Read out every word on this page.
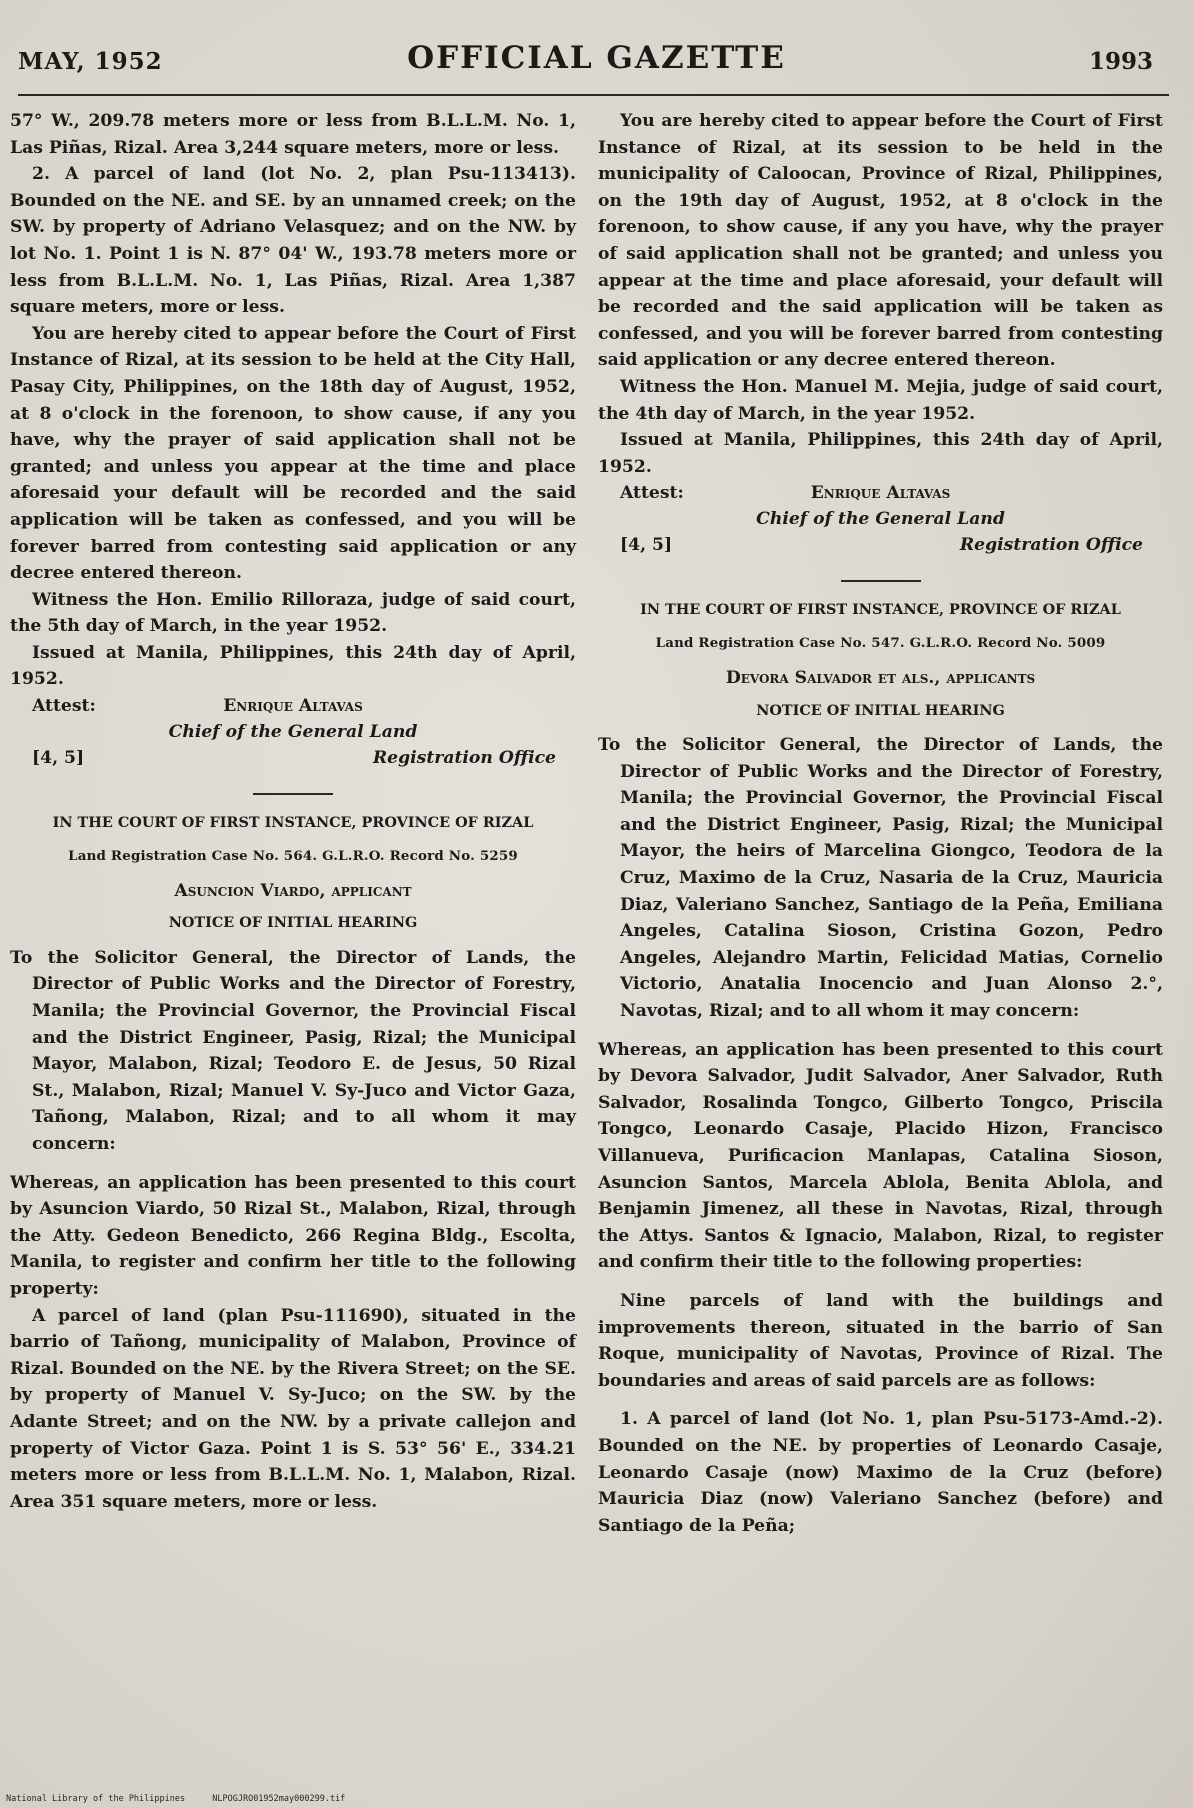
MAY, 1952	OFFICIAL GAZETTE	1993

57° W., 209.78 meters more or less from B.L.L.M. No. 1, Las Piñas, Rizal. Area 3,244 square meters, more or less.

2. A parcel of land (lot No. 2, plan Psu-113413). Bounded on the NE. and SE. by an unnamed creek; on the SW. by property of Adriano Velasquez; and on the NW. by lot No. 1. Point 1 is N. 87° 04' W., 193.78 meters more or less from B.L.L.M. No. 1, Las Piñas, Rizal. Area 1,387 square meters, more or less.

You are hereby cited to appear before the Court of First Instance of Rizal, at its session to be held at the City Hall, Pasay City, Philippines, on the 18th day of August, 1952, at 8 o'clock in the forenoon, to show cause, if any you have, why the prayer of said application shall not be granted; and unless you appear at the time and place aforesaid your default will be recorded and the said application will be taken as confessed, and you will be forever barred from contesting said application or any decree entered thereon.

Witness the Hon. Emilio Rilloraza, judge of said court, the 5th day of March, in the year 1952.

Issued at Manila, Philippines, this 24th day of April, 1952.

Attest:	Enrique Altavas
Chief of the General Land
[4, 5]	Registration Office
IN THE COURT OF FIRST INSTANCE, PROVINCE OF RIZAL
Land Registration Case No. 564. G.L.R.O. Record No. 5259
Asuncion Viardo, applicant
NOTICE OF INITIAL HEARING

To the Solicitor General, the Director of Lands, the Director of Public Works and the Director of Forestry, Manila; the Provincial Governor, the Provincial Fiscal and the District Engineer, Pasig, Rizal; the Municipal Mayor, Malabon, Rizal; Teodoro E. de Jesus, 50 Rizal St., Malabon, Rizal; Manuel V. Sy-Juco and Victor Gaza, Tañong, Malabon, Rizal; and to all whom it may concern:

Whereas, an application has been presented to this court by Asuncion Viardo, 50 Rizal St., Malabon, Rizal, through the Atty. Gedeon Benedicto, 266 Regina Bldg., Escolta, Manila, to register and confirm her title to the following property:

A parcel of land (plan Psu-111690), situated in the barrio of Tañong, municipality of Malabon, Province of Rizal. Bounded on the NE. by the Rivera Street; on the SE. by property of Manuel V. Sy-Juco; on the SW. by the Adante Street; and on the NW. by a private callejon and property of Victor Gaza. Point 1 is S. 53° 56' E., 334.21 meters more or less from B.L.L.M. No. 1, Malabon, Rizal. Area 351 square meters, more or less.

You are hereby cited to appear before the Court of First Instance of Rizal, at its session to be held in the municipality of Caloocan, Province of Rizal, Philippines, on the 19th day of August, 1952, at 8 o'clock in the forenoon, to show cause, if any you have, why the prayer of said application shall not be granted; and unless you appear at the time and place aforesaid, your default will be recorded and the said application will be taken as confessed, and you will be forever barred from contesting said application or any decree entered thereon.

Witness the Hon. Manuel M. Mejia, judge of said court, the 4th day of March, in the year 1952.

Issued at Manila, Philippines, this 24th day of April, 1952.

Attest:	Enrique Altavas
Chief of the General Land
[4, 5]	Registration Office
IN THE COURT OF FIRST INSTANCE, PROVINCE OF RIZAL
Land Registration Case No. 547. G.L.R.O. Record No. 5009
Devora Salvador et als., applicants
NOTICE OF INITIAL HEARING

To the Solicitor General, the Director of Lands, the Director of Public Works and the Director of Forestry, Manila; the Provincial Governor, the Provincial Fiscal and the District Engineer, Pasig, Rizal; the Municipal Mayor, the heirs of Marcelina Giongco, Teodora de la Cruz, Maximo de la Cruz, Nasaria de la Cruz, Mauricia Diaz, Valeriano Sanchez, Santiago de la Peña, Emiliana Angeles, Catalina Sioson, Cristina Gozon, Pedro Angeles, Alejandro Martin, Felicidad Matias, Cornelio Victorio, Anatalia Inocencio and Juan Alonso 2.°, Navotas, Rizal; and to all whom it may concern:

Whereas, an application has been presented to this court by Devora Salvador, Judit Salvador, Aner Salvador, Ruth Salvador, Rosalinda Tongco, Gilberto Tongco, Priscila Tongco, Leonardo Casaje, Placido Hizon, Francisco Villanueva, Purificacion Manlapas, Catalina Sioson, Asuncion Santos, Marcela Ablola, Benita Ablola, and Benjamin Jimenez, all these in Navotas, Rizal, through the Attys. Santos & Ignacio, Malabon, Rizal, to register and confirm their title to the following properties:

Nine parcels of land with the buildings and improvements thereon, situated in the barrio of San Roque, municipality of Navotas, Province of Rizal. The boundaries and areas of said parcels are as follows:

1. A parcel of land (lot No. 1, plan Psu-5173-Amd.-2). Bounded on the NE. by properties of Leonardo Casaje, Leonardo Casaje (now) Maximo de la Cruz (before) Mauricia Diaz (now) Valeriano Sanchez (before) and Santiago de la Peña;

National Library of the Philippines	NLPOGJRO01952may000299.tif
